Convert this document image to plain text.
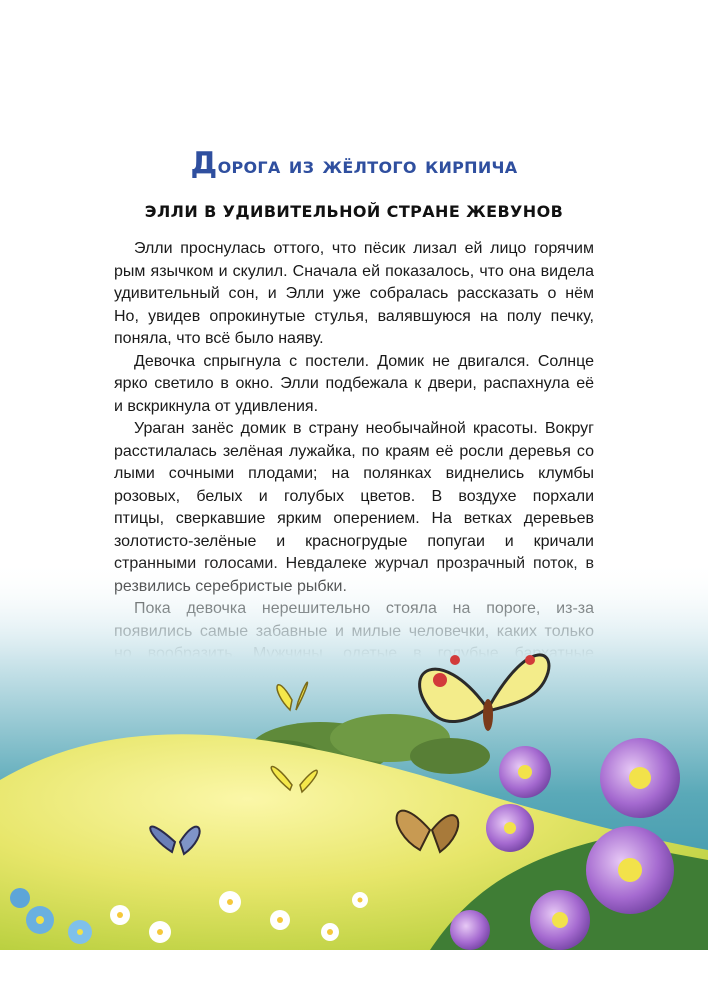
Дорога из жёлтого кирпича
ЭЛЛИ В УДИВИТЕЛЬНОЙ СТРАНЕ ЖЕВУНОВ
Элли проснулась оттого, что пёсик лизал ей лицо горячим
рым язычком и скулил. Сначала ей показалось, что она видела
удивительный сон, и Элли уже собралась рассказать о нём
Но, увидев опрокинутые стулья, валявшуюся на полу печку,
поняла, что всё было наяву.
Девочка спрыгнула с постели. Домик не двигался. Солнце
ярко светило в окно. Элли подбежала к двери, распахнула её
и вскрикнула от удивления.
Ураган занёс домик в страну необычайной красоты. Вокруг
расстилалась зелёная лужайка, по краям её росли деревья со
лыми сочными плодами; на полянках виднелись клумбы
розовых, белых и голубых цветов. В воздухе порхали
птицы, сверкавшие ярким оперением. На ветках деревьев
золотисто-зелёные и красногрудые попугаи и кричали
